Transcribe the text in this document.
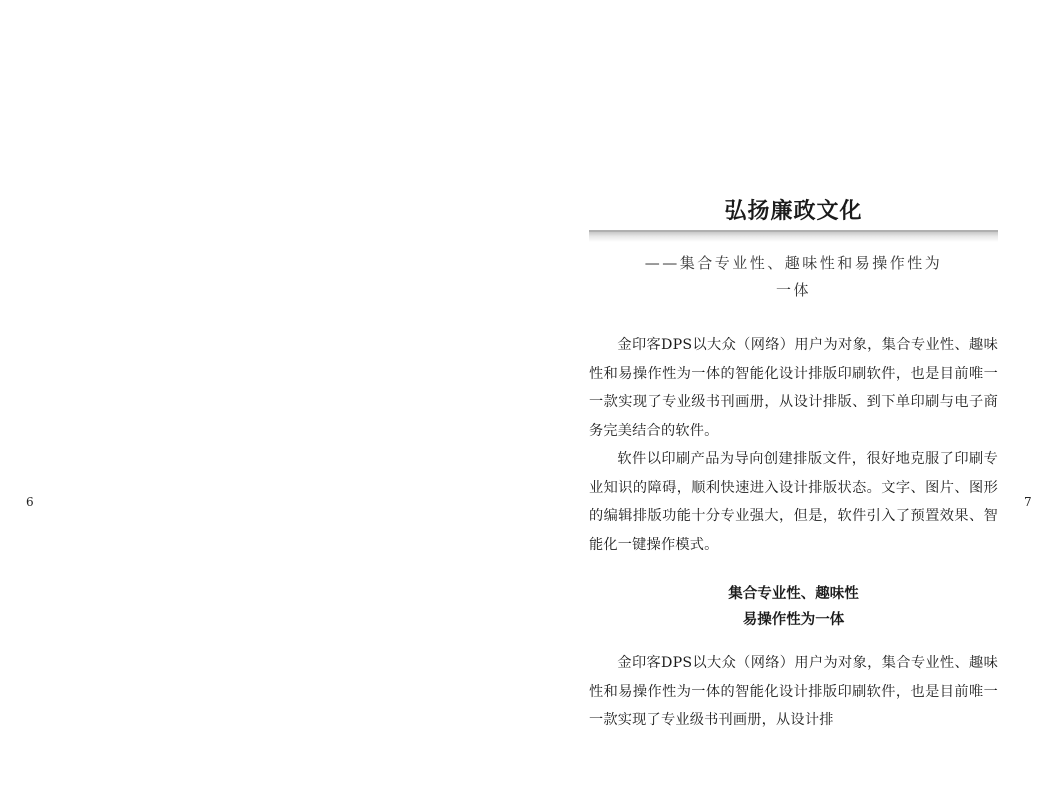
6
弘扬廉政文化

——集合专业性、趣味性和易操作性为

一体

金印客DPS以大众（网络）用户为对象，集合专业性、趣味性和易操作性为一体的智能化设计排版印刷软件，也是目前唯一一款实现了专业级书刊画册，从设计排版、到下单印刷与电子商务完美结合的软件。

软件以印刷产品为导向创建排版文件，很好地克服了印刷专业知识的障碍，顺利快速进入设计排版状态。文字、图片、图形的编辑排版功能十分专业强大，但是，软件引入了预置效果、智能化一键操作模式。

集合专业性、趣味性

易操作性为一体

金印客DPS以大众（网络）用户为对象，集合专业性、趣味性和易操作性为一体的智能化设计排版印刷软件，也是目前唯一一款实现了专业级书刊画册，从设计排

7
